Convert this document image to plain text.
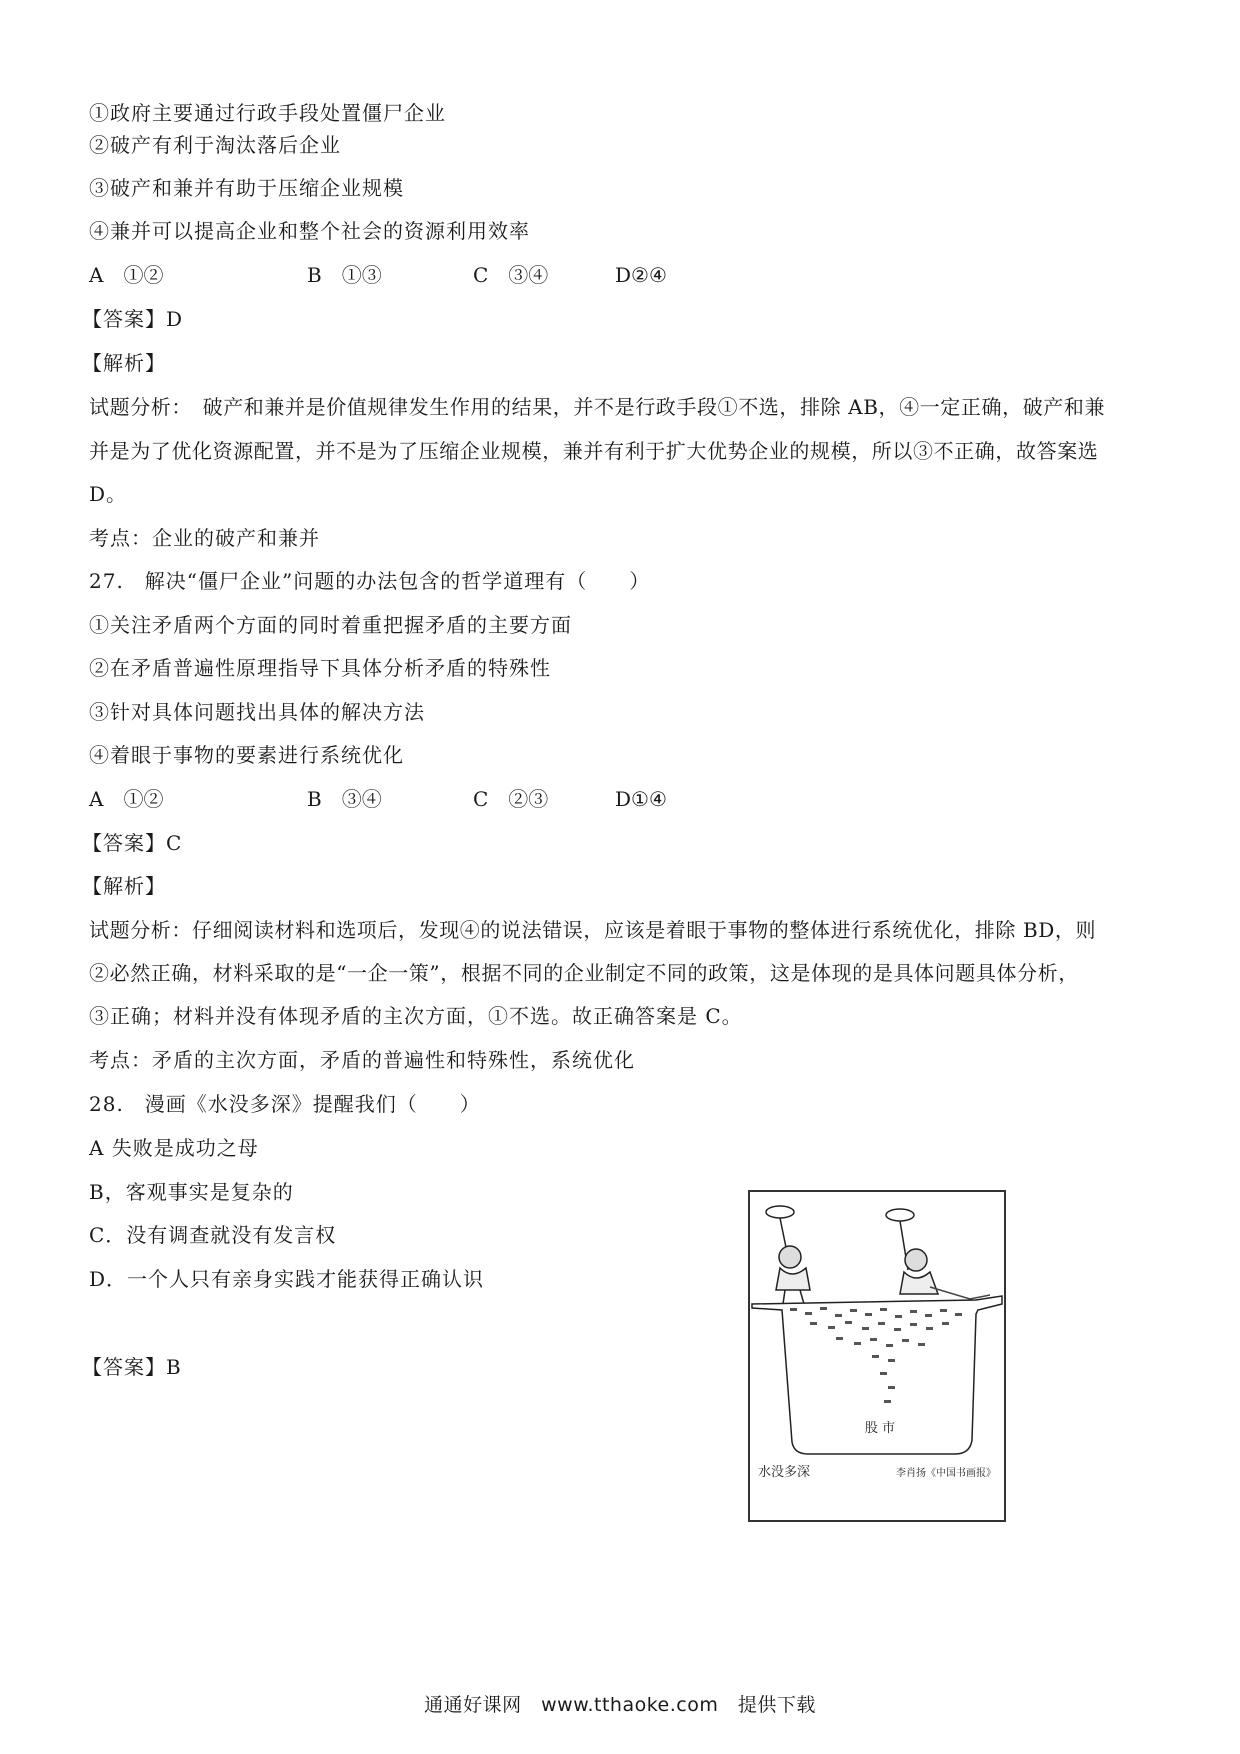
①政府主要通过行政手段处置僵尸企业
②破产有利于淘汰落后企业
③破产和兼并有助于压缩企业规模
④兼并可以提高企业和整个社会的资源利用效率
A　①②	B　①③	C　③④	D②④
【答案】D
【解析】
试题分析：　破产和兼并是价值规律发生作用的结果，并不是行政手段①不选，排除 AB，④一定正确，破产和兼
并是为了优化资源配置，并不是为了压缩企业规模，兼并有利于扩大优势企业的规模，所以③不正确，故答案选
D。
考点：企业的破产和兼并
27.　解决“僵尸企业”问题的办法包含的哲学道理有（　　）
①关注矛盾两个方面的同时着重把握矛盾的主要方面
②在矛盾普遍性原理指导下具体分析矛盾的特殊性
③针对具体问题找出具体的解决方法
④着眼于事物的要素进行系统优化
A　①②	B　③④	C　②③	D①④
【答案】C
【解析】
试题分析：仔细阅读材料和选项后，发现④的说法错误，应该是着眼于事物的整体进行系统优化，排除 BD，则
②必然正确，材料采取的是“一企一策”，根据不同的企业制定不同的政策，这是体现的是具体问题具体分析，
③正确；材料并没有体现矛盾的主次方面，①不选。故正确答案是 C。
考点：矛盾的主次方面，矛盾的普遍性和特殊性，系统优化
28.　漫画《水没多深》提醒我们（　　）
A 失败是成功之母
B，客观事实是复杂的
C．没有调查就没有发言权
D．一个人只有亲身实践才能获得正确认识
【答案】B
股 市
水没多深	李肖扬《中国书画报》
通通好课网　www.tthaoke.com　提供下载
